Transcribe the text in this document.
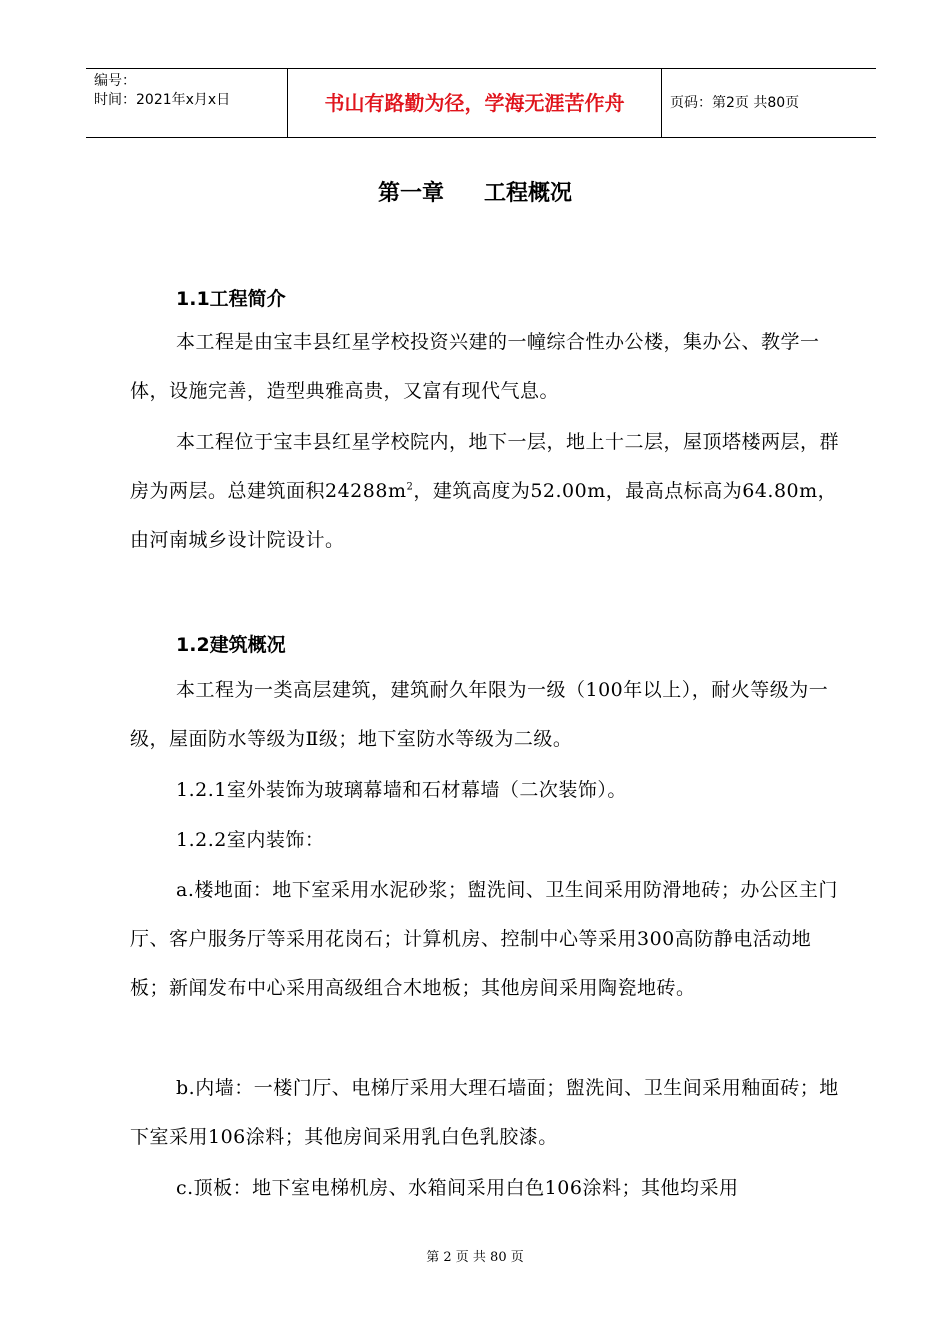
编号：
时间：2021年x月x日	书山有路勤为径，学海无涯苦作舟	页码：第2页 共80页
第一章 工程概况
1.1工程简介
本工程是由宝丰县红星学校投资兴建的一幢综合性办公楼，集办公、教学一体，设施完善，造型典雅高贵，又富有现代气息。
本工程位于宝丰县红星学校院内，地下一层，地上十二层，屋顶塔楼两层，群房为两层。总建筑面积$24288m^2$，建筑高度为52.00m，最高点标高为64.80m，由河南城乡设计院设计。
1.2建筑概况
本工程为一类高层建筑，建筑耐久年限为一级（100年以上），耐火等级为一级，屋面防水等级为Ⅱ级；地下室防水等级为二级。
1.2.1室外装饰为玻璃幕墙和石材幕墙（二次装饰）。
1.2.2室内装饰：
a.楼地面：地下室采用水泥砂浆；盥洗间、卫生间采用防滑地砖；办公区主门厅、客户服务厅等采用花岗石；计算机房、控制中心等采用300高防静电活动地板；新闻发布中心采用高级组合木地板；其他房间采用陶瓷地砖。
b.内墙：一楼门厅、电梯厅采用大理石墙面；盥洗间、卫生间采用釉面砖；地下室采用106涂料；其他房间采用乳白色乳胶漆。
c.顶板：地下室电梯机房、水箱间采用白色106涂料；其他均采用
第 2 页 共 80 页
